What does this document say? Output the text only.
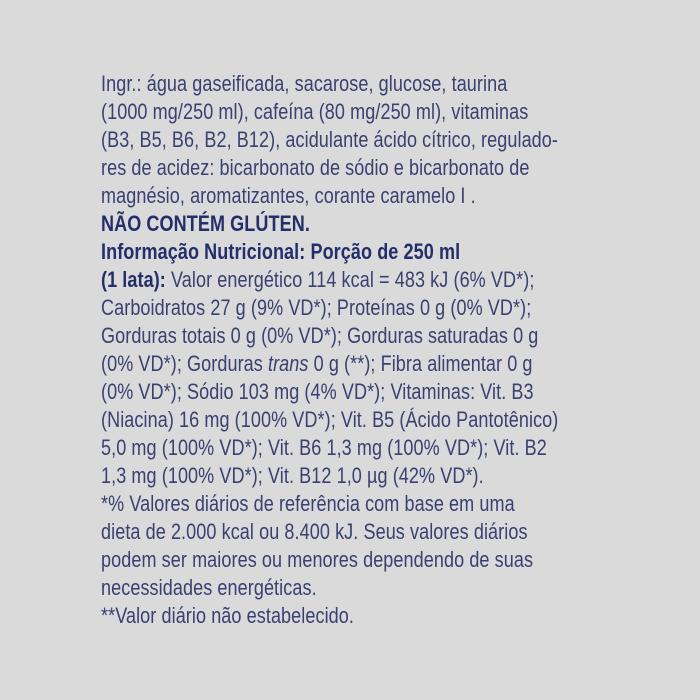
Ingr.: água gaseificada, sacarose, glucose, taurina
(1000 mg/250 ml), cafeína (80 mg/250 ml), vitaminas
(B3, B5, B6, B2, B12), acidulante ácido cítrico, regulado-
res de acidez: bicarbonato de sódio e bicarbonato de
magnésio, aromatizantes, corante caramelo I .
NÃO CONTÉM GLÚTEN.
Informação Nutricional: Porção de 250 ml
(1 lata): Valor energético 114 kcal = 483 kJ (6% VD*);
Carboidratos 27 g (9% VD*); Proteínas 0 g (0% VD*);
Gorduras totais 0 g (0% VD*); Gorduras saturadas 0 g
(0% VD*); Gorduras trans 0 g (**); Fibra alimentar 0 g
(0% VD*); Sódio 103 mg (4% VD*); Vitaminas: Vit. B3
(Niacina) 16 mg (100% VD*); Vit. B5 (Ácido Pantotênico)
5,0 mg (100% VD*); Vit. B6 1,3 mg (100% VD*); Vit. B2
1,3 mg (100% VD*); Vit. B12 1,0 µg (42% VD*).
*% Valores diários de referência com base em uma
dieta de 2.000 kcal ou 8.400 kJ. Seus valores diários
podem ser maiores ou menores dependendo de suas
necessidades energéticas.
**Valor diário não estabelecido.
